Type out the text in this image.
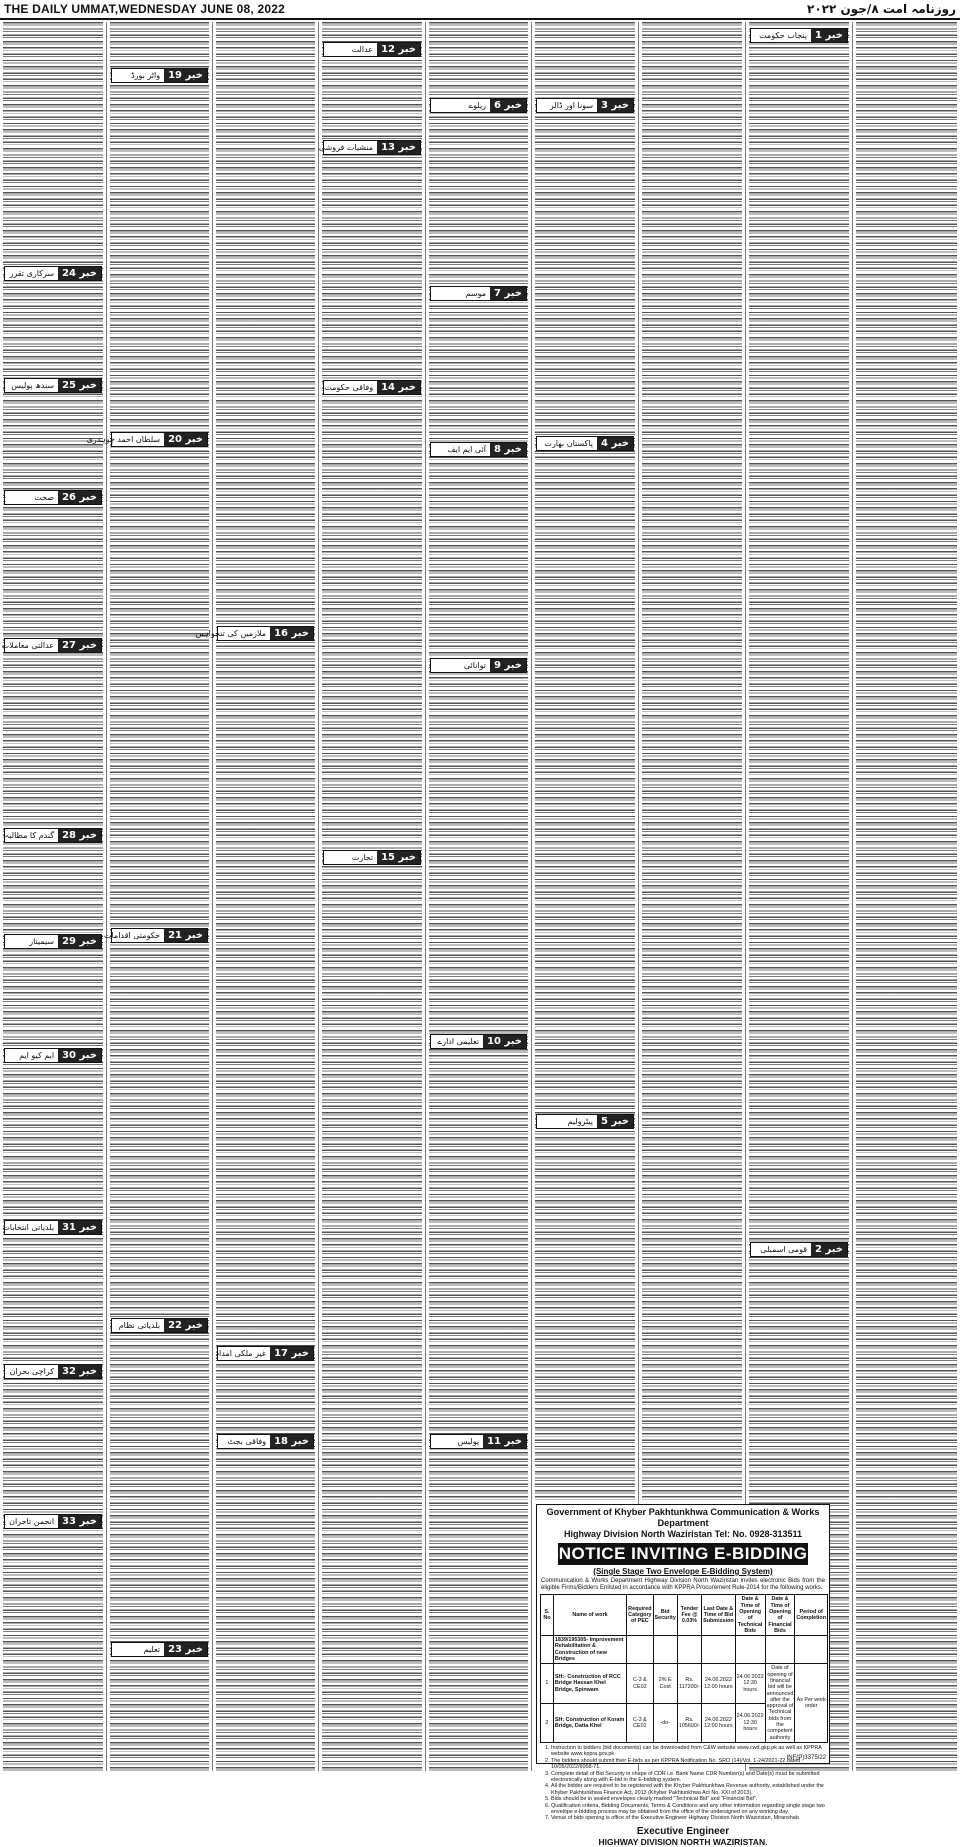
THE DAILY UMMAT,WEDNESDAY JUNE 08, 2022	روزنامہ امت ۸/جون ۲۰۲۲
خبر 24
سرکاری تقرر
خبر 25
سندھ پولیس
خبر 26
صحت
خبر 27
عدالتی معاملات
خبر 28
گندم کا مطالبہ
خبر 29
سیمینار
خبر 30
ایم کیو ایم
خبر 31
بلدیاتی انتخابات
خبر 32
کراچی بحران
خبر 33
انجمن تاجران
خبر 19
واٹر بورڈ
خبر 20
سلطان احمد چوہدری
خبر 21
حکومتی اقدامات
خبر 22
بلدیاتی نظام
خبر 23
تعلیم
خبر 16
ملازمین کی تنخواہیں
خبر 17
غیر ملکی امداد
خبر 18
وفاقی بجٹ
خبر 12
عدالت
خبر 13
منشیات فروشی
خبر 14
وفاقی حکومت
خبر 15
تجارت
خبر 6
ریلوے
خبر 7
موسم
خبر 8
آئی ایم ایف
خبر 9
توانائی
خبر 10
تعلیمی ادارے
خبر 11
پولیس
خبر 3
سونا اور ڈالر
خبر 4
پاکستان بھارت
خبر 5
پیٹرولیم
خبر 1
پنجاب حکومت
خبر 2
قومی اسمبلی
Government of Khyber Pakhtunkhwa Communication & Works Department
Highway Division North Waziristan Tel: No. 0928-313511
NOTICE INVITING E-BIDDING
(Single Stage Two Envelope E-Bidding System)
Communication & Works Department Highway Division North Waziristan invites electronic Bids from the eligible Firms/Bidders Enlisted in accordance with KPPRA Procurement Rule-2014 for the following works.
S. No	Name of work	Required Category of PEC	Bid Security	Tender Fee @ 0.03%	Last Date & Time of Bid Submission	Date & Time of Opening of Technical Bids	Date & Time of Opening of Financial Bids	Period of Completion
	1839/195305- Improvement Rehabilitation & Construction of new Bridges							
1	SH:- Construction of RCC Bridge Hassan Khel Bridge, Spinwam	C-3 & CE02	2% E Cost	Rs. 117200/-	24.06.2022 12:00 hours	24.06.2022 12:30 hours	Date of opening of financial bid will be announced after the approval of Technical bids from the competent authority	As Per work order
2	SH: Construction of Koram Bridge, Datta Khel	C-3 & CE02	-do-	Rs. 105600/-	24.06.2022 12:00 hours	24.06.2022 12:30 hours		
1. Instruction to bidders (bid documents) can be downloaded from C&W website www.cwd.gkp.pk as well as KPPRA website www.kppra.gov.pk
2. The bidders should submit their E-bids as per KPPRA Notification No. SRO (14)/Vol. 1-24/2021-22 dated 10/05/2022/6058-71.
3. Complete detail of Bid Security in shape of CDR i.e. Bank Name CDR Number(s) and Date(s) must be submitted electronically along with E-bid in the E-bidding system.
4. All the bidder are required to be registered with the Khyber Pakhtunkhwa Revenue authority, established under the Khyber Pakhtunkhwa Finance Act, 2013 (Khyber Pakhtunkhwa Act No. XXI of 2013).
5. Bids should be in sealed envelopes clearly marked "Technical Bid" and "Financial Bid".
6. Qualification criteria, Bidding Documents, Terms & Conditions and any other information regarding single stage two envelope e-bidding process may be obtained from the office of the undersigned on any working day.
7. Venue of bids opening is office of the Executive Engineer Highway Division North Waziristan, Miranshah.
Executive Engineer
HIGHWAY DIVISION NORTH WAZIRISTAN.
INF(P)3375/22
